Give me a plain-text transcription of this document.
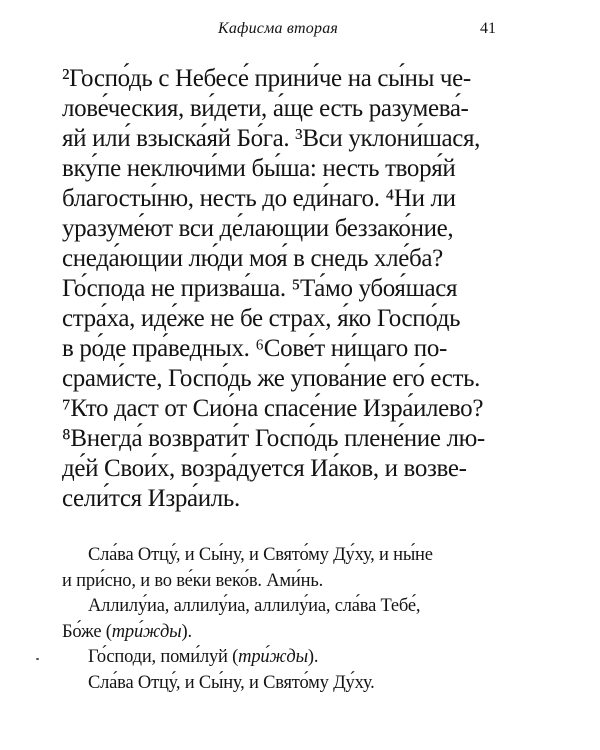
Кафисма вторая	41
²Госпо́дь с Небесе́ прини́че на сы́ны че-
лове́ческия, ви́дети, а́ще есть разумева́-
яй или́ взыска́яй Бо́га. ³Вси уклони́шася,
вку́пе неключи́ми бы́ша: несть творя́й
благосты́ню, несть до еди́наго. ⁴Ни ли
уразуме́ют вси де́лающии беззако́ние,
снеда́ющии лю́ди моя́ в снедь хле́ба?
Го́спода не призва́ша. ⁵Та́мо убоя́шася
стра́ха, иде́же не бе страх, я́ко Госпо́дь
в ро́де пра́ведных. ⁶Сове́т ни́щаго по-
срами́сте, Госпо́дь же упова́ние его́ есть.
⁷Кто даст от Сио́на спасе́ние Изра́илево?
⁸Внегда́ возврати́т Госпо́дь плене́ние лю-
де́й Свои́х, возра́дуется Иа́ков, и возве-
сели́тся Изра́иль.
Сла́ва Отцу́, и Сы́ну, и Свято́му Ду́ху, и ны́не
и при́сно, и во ве́ки веко́в. Ами́нь.
Аллилу́иа, аллилу́иа, аллилу́иа, сла́ва Тебе́,
Бо́же (три́жды).
Го́споди, поми́луй (три́жды).
Сла́ва Отцу́, и Сы́ну, и Свято́му Ду́ху.
